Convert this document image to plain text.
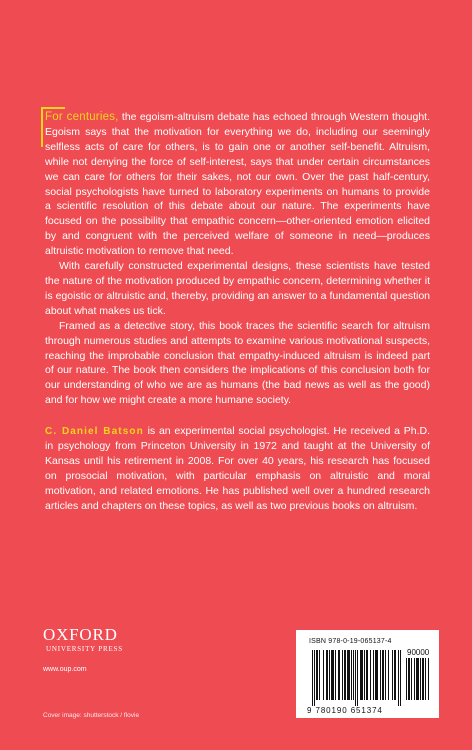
For centuries, the egoism-altruism debate has echoed through Western thought. Egoism says that the motivation for everything we do, including our seemingly selfless acts of care for others, is to gain one or another self-benefit. Altruism, while not denying the force of self-interest, says that under certain circumstances we can care for others for their sakes, not our own. Over the past half-century, social psychologists have turned to laboratory experiments on humans to provide a scientific resolution of this debate about our nature. The experiments have focused on the possibility that empathic concern—other-oriented emotion elicited by and congruent with the perceived welfare of someone in need—produces altruistic motivation to remove that need.

With carefully constructed experimental designs, these scientists have tested the nature of the motivation produced by empathic concern, determining whether it is egoistic or altruistic and, thereby, providing an answer to a fundamental question about what makes us tick.

Framed as a detective story, this book traces the scientific search for altruism through numerous studies and attempts to examine various motivational suspects, reaching the improbable conclusion that empathy-induced altruism is indeed part of our nature. The book then considers the implications of this conclusion both for our understanding of who we are as humans (the bad news as well as the good) and for how we might create a more humane society.

C. Daniel Batson is an experimental social psychologist. He received a Ph.D. in psychology from Princeton University in 1972 and taught at the University of Kansas until his retirement in 2008. For over 40 years, his research has focused on prosocial motivation, with particular emphasis on altruistic and moral motivation, and related emotions. He has published well over a hundred research articles and chapters on these topics, as well as two previous books on altruism.

OXFORD
UNIVERSITY PRESS
www.oup.com
Cover image: shutterstock / flovie
ISBN 978-0-19-065137-4
90000
9 780190 651374
